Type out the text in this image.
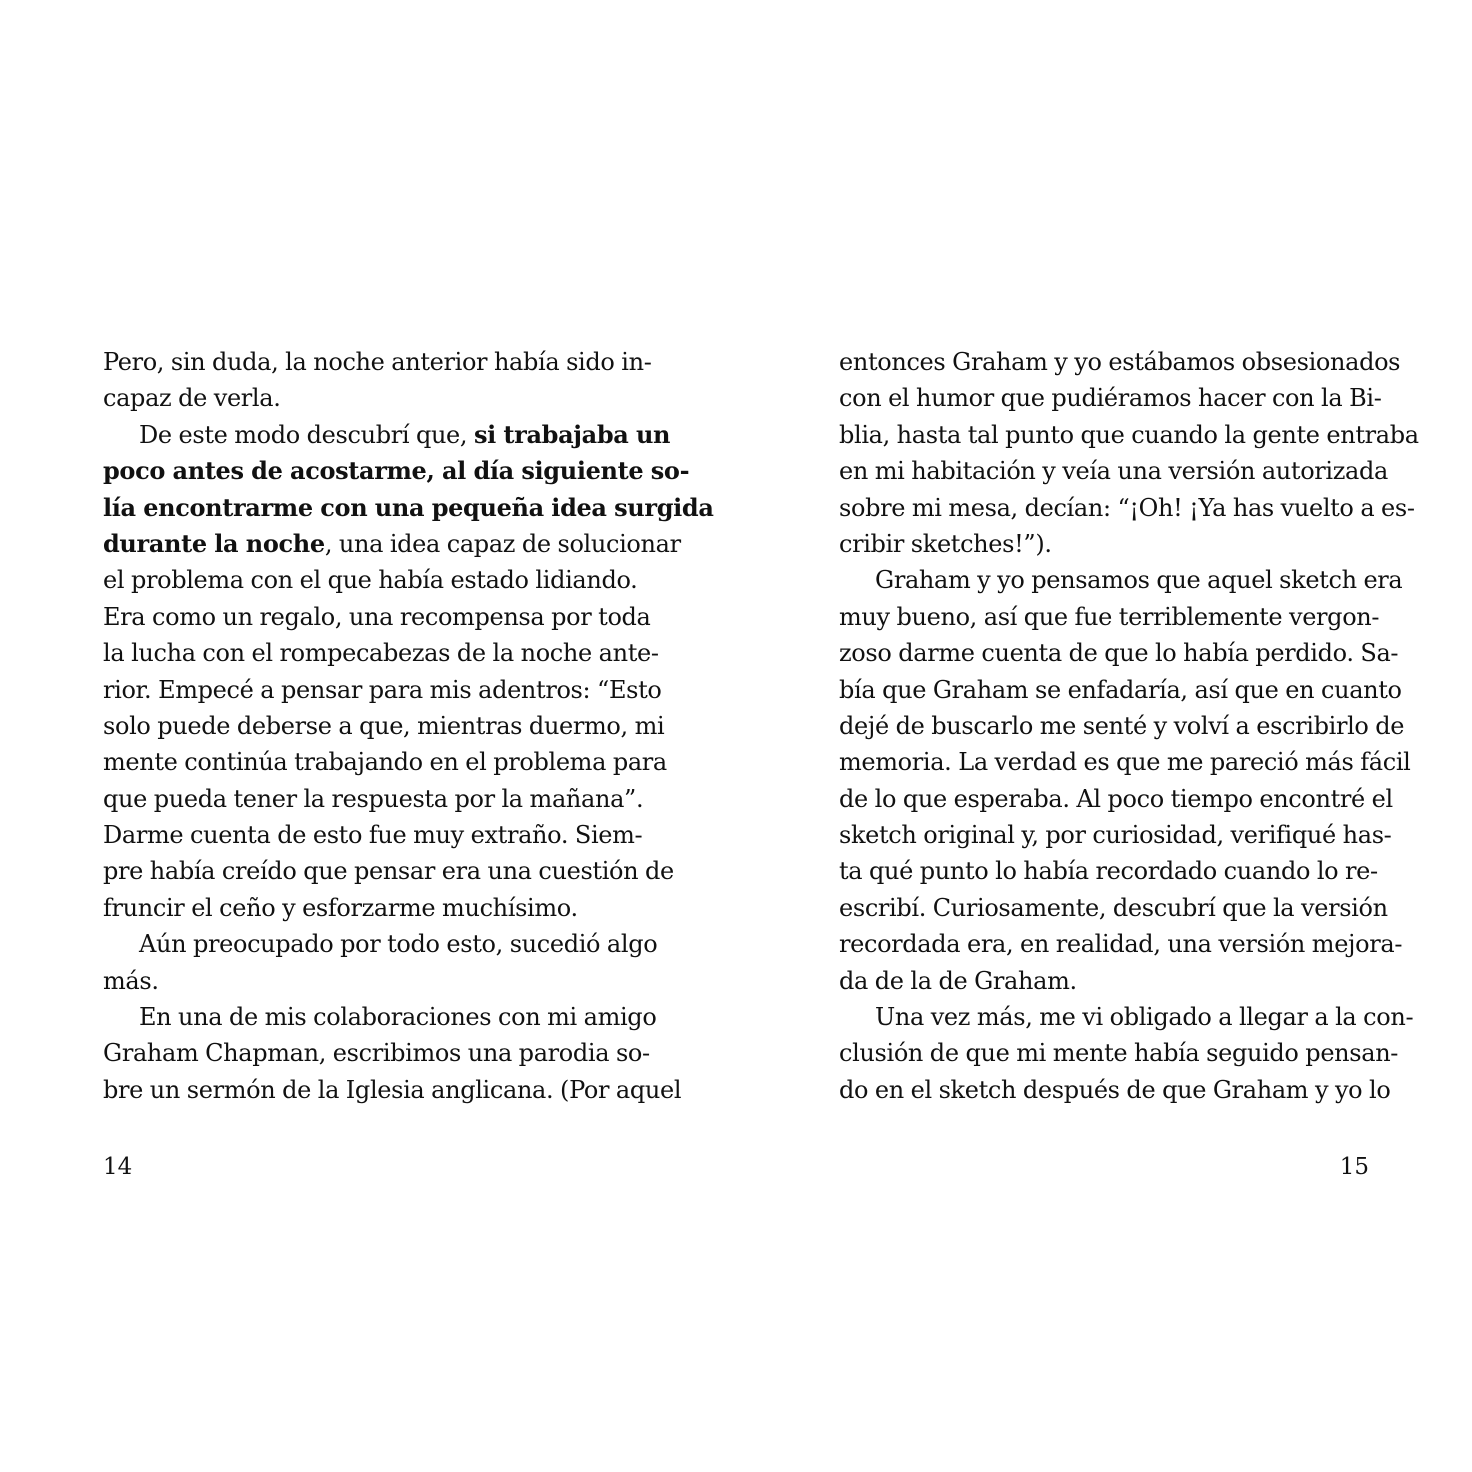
Pero, sin duda, la noche anterior había sido in-
capaz de verla.
De este modo descubrí que, si trabajaba un
poco antes de acostarme, al día siguiente so-
lía encontrarme con una pequeña idea surgida
durante la noche, una idea capaz de solucionar
el problema con el que había estado lidiando.
Era como un regalo, una recompensa por toda
la lucha con el rompecabezas de la noche ante-
rior. Empecé a pensar para mis adentros: “Esto
solo puede deberse a que, mientras duermo, mi
mente continúa trabajando en el problema para
que pueda tener la respuesta por la mañana”.
Darme cuenta de esto fue muy extraño. Siem-
pre había creído que pensar era una cuestión de
fruncir el ceño y esforzarme muchísimo.
Aún preocupado por todo esto, sucedió algo
más.
En una de mis colaboraciones con mi amigo
Graham Chapman, escribimos una parodia so-
bre un sermón de la Iglesia anglicana. (Por aquel
14
entonces Graham y yo estábamos obsesionados
con el humor que pudiéramos hacer con la Bi-
blia, hasta tal punto que cuando la gente entraba
en mi habitación y veía una versión autorizada
sobre mi mesa, decían: “¡Oh! ¡Ya has vuelto a es-
cribir sketches!”).
Graham y yo pensamos que aquel sketch era
muy bueno, así que fue terriblemente vergon-
zoso darme cuenta de que lo había perdido. Sa-
bía que Graham se enfadaría, así que en cuanto
dejé de buscarlo me senté y volví a escribirlo de
memoria. La verdad es que me pareció más fácil
de lo que esperaba. Al poco tiempo encontré el
sketch original y, por curiosidad, verifiqué has-
ta qué punto lo había recordado cuando lo re-
escribí. Curiosamente, descubrí que la versión
recordada era, en realidad, una versión mejora-
da de la de Graham.
Una vez más, me vi obligado a llegar a la con-
clusión de que mi mente había seguido pensan-
do en el sketch después de que Graham y yo lo
15
